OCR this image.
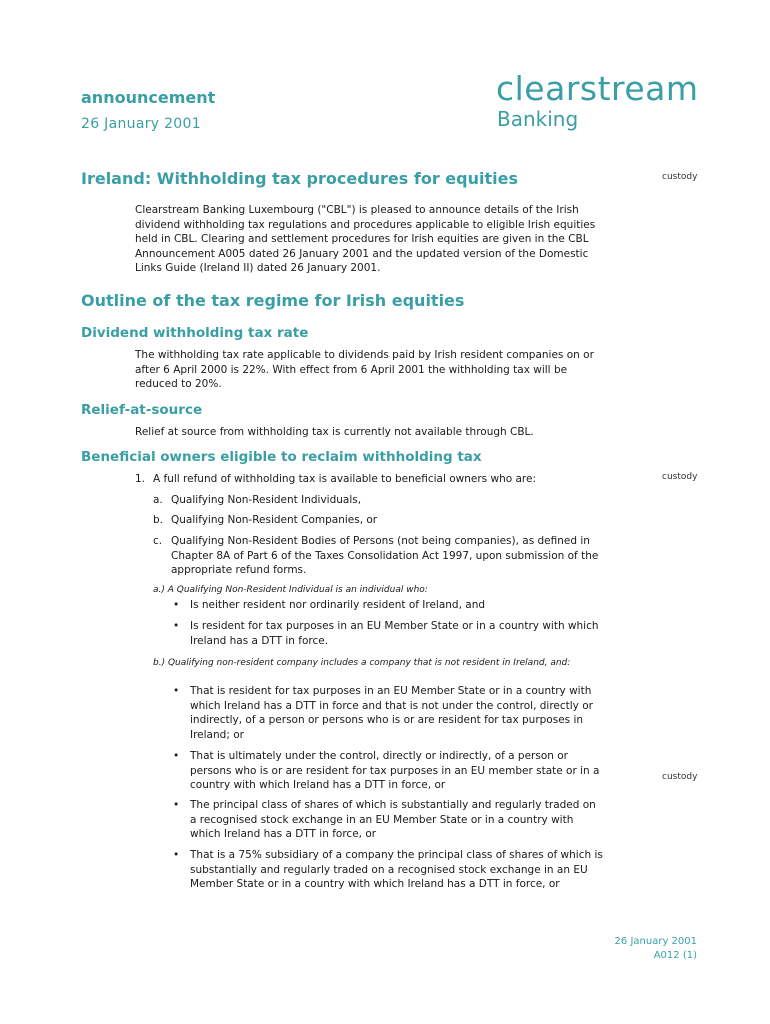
announcement
26 January 2001
clearstream
Banking
custody
custody
custody
Ireland: Withholding tax procedures for equities

Clearstream Banking Luxembourg ("CBL") is pleased to announce details of the Irish dividend withholding tax regulations and procedures applicable to eligible Irish equities held in CBL. Clearing and settlement procedures for Irish equities are given in the CBL Announcement A005 dated 26 January 2001 and the updated version of the Domestic Links Guide (Ireland II) dated 26 January 2001.

Outline of the tax regime for Irish equities
Dividend withholding tax rate

The withholding tax rate applicable to dividends paid by Irish resident companies on or after 6 April 2000 is 22%. With effect from 6 April 2001 the withholding tax will be reduced to 20%.

Relief-at-source

Relief at source from withholding tax is currently not available through CBL.

Beneficial owners eligible to reclaim withholding tax
1. A full refund of withholding tax is available to beneficial owners who are:
a. Qualifying Non-Resident Individuals,
b. Qualifying Non-Resident Companies, or
c. Qualifying Non-Resident Bodies of Persons (not being companies), as defined in Chapter 8A of Part 6 of the Taxes Consolidation Act 1997, upon submission of the appropriate refund forms.

a.) A Qualifying Non-Resident Individual is an individual who:

• Is neither resident nor ordinarily resident of Ireland, and
• Is resident for tax purposes in an EU Member State or in a country with which Ireland has a DTT in force.

b.) Qualifying non-resident company includes a company that is not resident in Ireland, and:

• That is resident for tax purposes in an EU Member State or in a country with which Ireland has a DTT in force and that is not under the control, directly or indirectly, of a person or persons who is or are resident for tax purposes in Ireland; or
• That is ultimately under the control, directly or indirectly, of a person or persons who is or are resident for tax purposes in an EU member state or in a country with which Ireland has a DTT in force, or
• The principal class of shares of which is substantially and regularly traded on a recognised stock exchange in an EU Member State or in a country with which Ireland has a DTT in force, or
• That is a 75% subsidiary of a company the principal class of shares of which is substantially and regularly traded on a recognised stock exchange in an EU Member State or in a country with which Ireland has a DTT in force, or
26 January 2001
A012 (1)
